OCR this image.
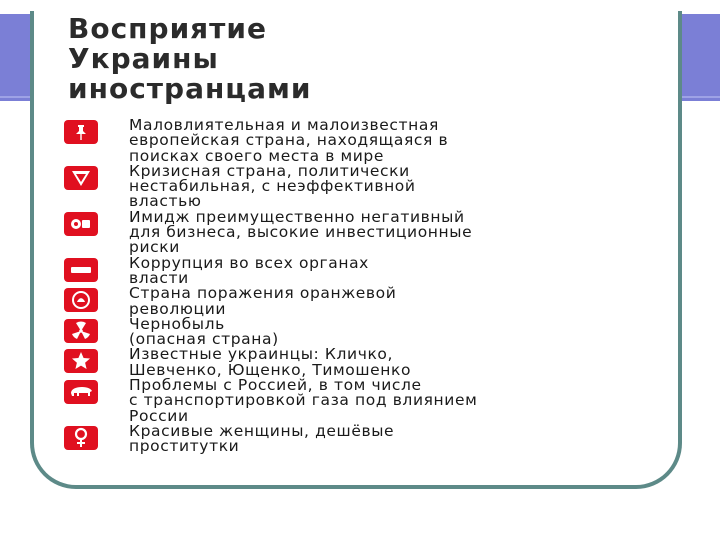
Восприятие
Украины
иностранцами
Маловлиятельная и малоизвестная
европейская страна, находящаяся в
поисках своего места в мире
Кризисная страна, политически
нестабильная, с неэффективной
властью
Имидж преимущественно негативный
для бизнеса, высокие инвестиционные
риски
Коррупция во всех органах
власти
Страна поражения оранжевой
революции
Чернобыль
(опасная страна)
Известные украинцы: Кличко,
Шевченко, Ющенко, Тимошенко
Проблемы с Россией, в том числе
с транспортировкой газа под влиянием
России
Красивые женщины, дешёвые
проститутки
